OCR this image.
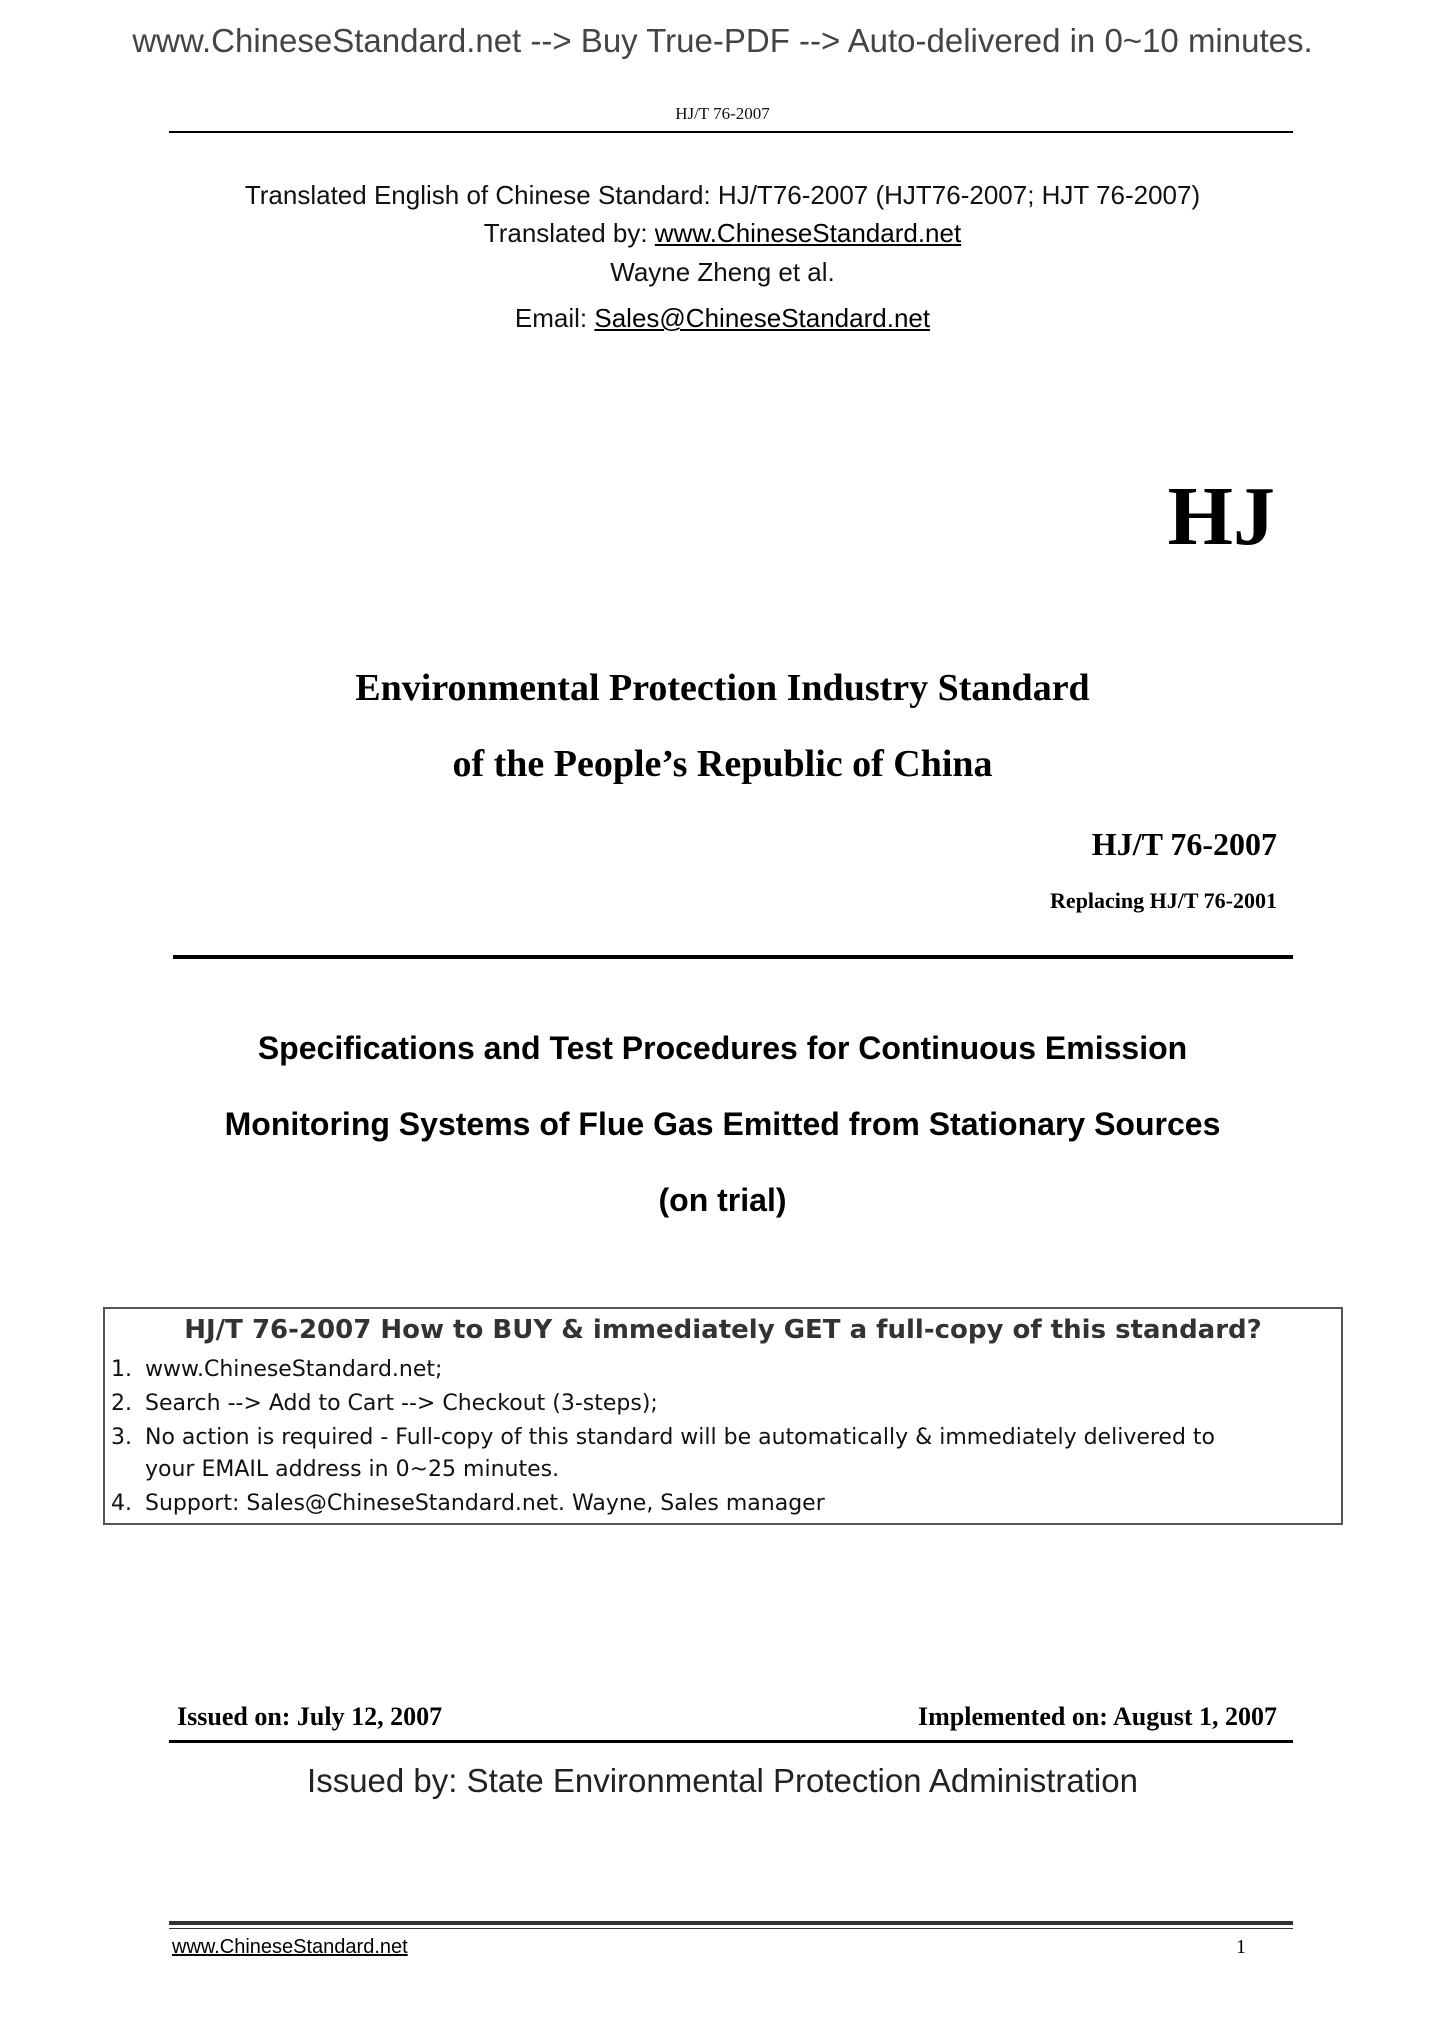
www.ChineseStandard.net --> Buy True-PDF --> Auto-delivered in 0~10 minutes.
HJ/T 76-2007
Translated English of Chinese Standard: HJ/T76-2007 (HJT76-2007; HJT 76-2007)
Translated by: www.ChineseStandard.net
Wayne Zheng et al.
Email: Sales@ChineseStandard.net
HJ
Environmental Protection Industry Standard
of the People’s Republic of China
HJ/T 76-2007
Replacing HJ/T 76-2001
Specifications and Test Procedures for Continuous Emission
Monitoring Systems of Flue Gas Emitted from Stationary Sources
(on trial)
HJ/T 76-2007 How to BUY & immediately GET a full-copy of this standard?
1. www.ChineseStandard.net;
2. Search --> Add to Cart --> Checkout (3-steps);
3. No action is required - Full-copy of this standard will be automatically & immediately delivered to
your EMAIL address in 0~25 minutes.
4. Support: Sales@ChineseStandard.net. Wayne, Sales manager
Issued on: July 12, 2007	Implemented on: August 1, 2007
Issued by: State Environmental Protection Administration
www.ChineseStandard.net	1
